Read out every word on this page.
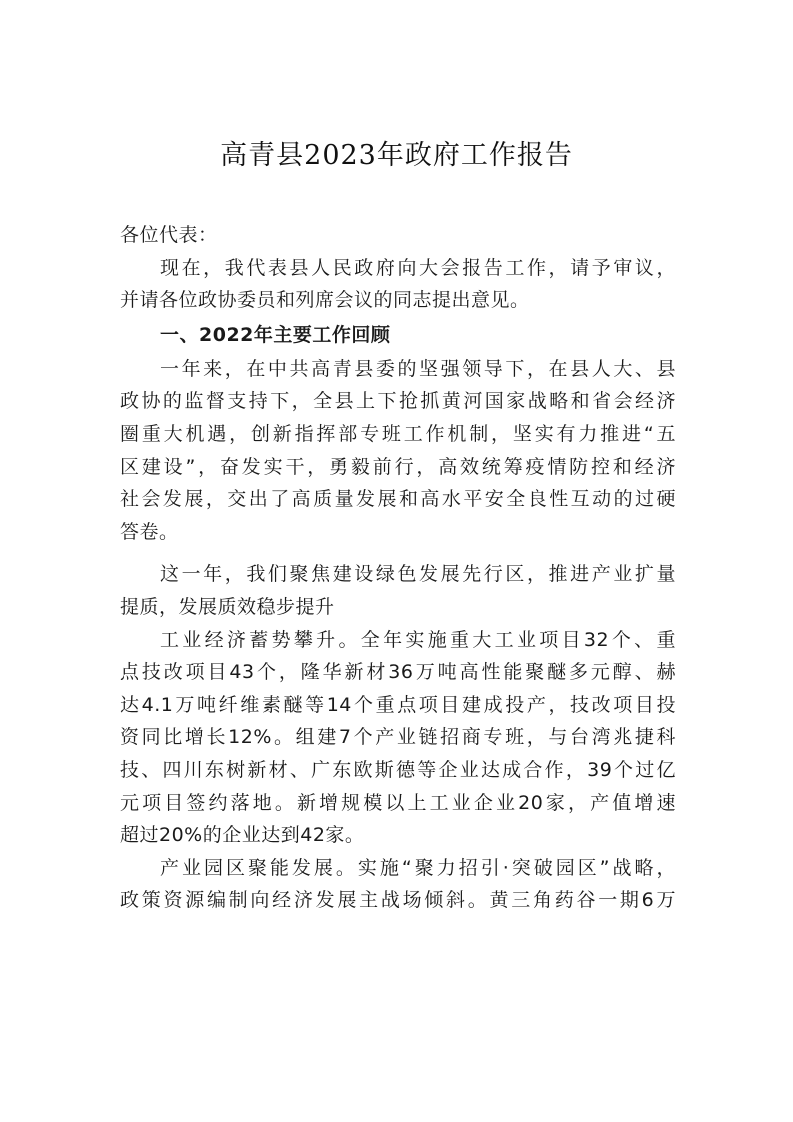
高青县2023年政府工作报告
各位代表：
现在，我代表县人民政府向大会报告工作，请予审议，
并请各位政协委员和列席会议的同志提出意见。
一、2022年主要工作回顾
一年来，在中共高青县委的坚强领导下，在县人大、县
政协的监督支持下，全县上下抢抓黄河国家战略和省会经济
圈重大机遇，创新指挥部专班工作机制，坚实有力推进“五
区建设”，奋发实干，勇毅前行，高效统筹疫情防控和经济
社会发展，交出了高质量发展和高水平安全良性互动的过硬
答卷。
这一年，我们聚焦建设绿色发展先行区，推进产业扩量
提质，发展质效稳步提升
工业经济蓄势攀升。全年实施重大工业项目32个、重
点技改项目43个，隆华新材36万吨高性能聚醚多元醇、赫
达4.1万吨纤维素醚等14个重点项目建成投产，技改项目投
资同比增长12%。组建7个产业链招商专班，与台湾兆捷科
技、四川东树新材、广东欧斯德等企业达成合作，39个过亿
元项目签约落地。新增规模以上工业企业20家，产值增速
超过20%的企业达到42家。
产业园区聚能发展。实施“聚力招引·突破园区”战略，
政策资源编制向经济发展主战场倾斜。黄三角药谷一期6万
